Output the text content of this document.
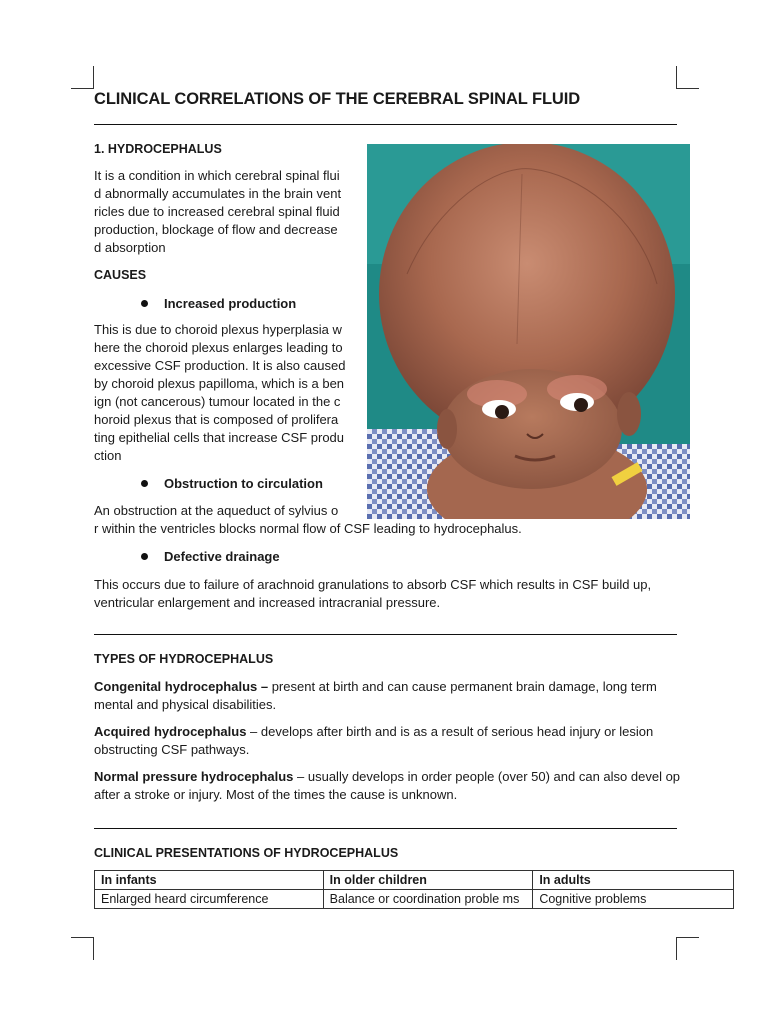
CLINICAL CORRELATIONS OF THE CEREBRAL SPINAL FLUID
1. HYDROCEPHALUS
It is a condition in which cerebral spinal flui
d abnormally accumulates in the brain vent
ricles due to increased cerebral spinal fluid
production, blockage of flow and decrease
d absorption
CAUSES
Increased production
This is due to choroid plexus hyperplasia w
here the choroid plexus enlarges leading to
excessive CSF production. It is also caused
by choroid plexus papilloma, which is a ben
ign (not cancerous) tumour located in the c
horoid plexus that is composed of prolifera
ting epithelial cells that increase CSF produ
ction
Obstruction to circulation
An obstruction at the aqueduct of sylvius o
r within the ventricles blocks normal flow of CSF leading to hydrocephalus.
Defective drainage
This occurs due to failure of arachnoid granulations to absorb CSF which results in CSF build up, ventricular enlargement and increased intracranial pressure.
TYPES OF HYDROCEPHALUS
Congenital hydrocephalus – present at birth and can cause permanent brain damage, long term mental and physical disabilities.
Acquired hydrocephalus – develops after birth and is as a result of serious head injury or lesion obstructing CSF pathways.
Normal pressure hydrocephalus – usually develops in order people (over 50) and can also devel op after a stroke or injury. Most of the times the cause is unknown.
CLINICAL PRESENTATIONS OF HYDROCEPHALUS
In infants	In older children	In adults
Enlarged heard circumference	Balance or coordination proble ms	Cognitive problems
